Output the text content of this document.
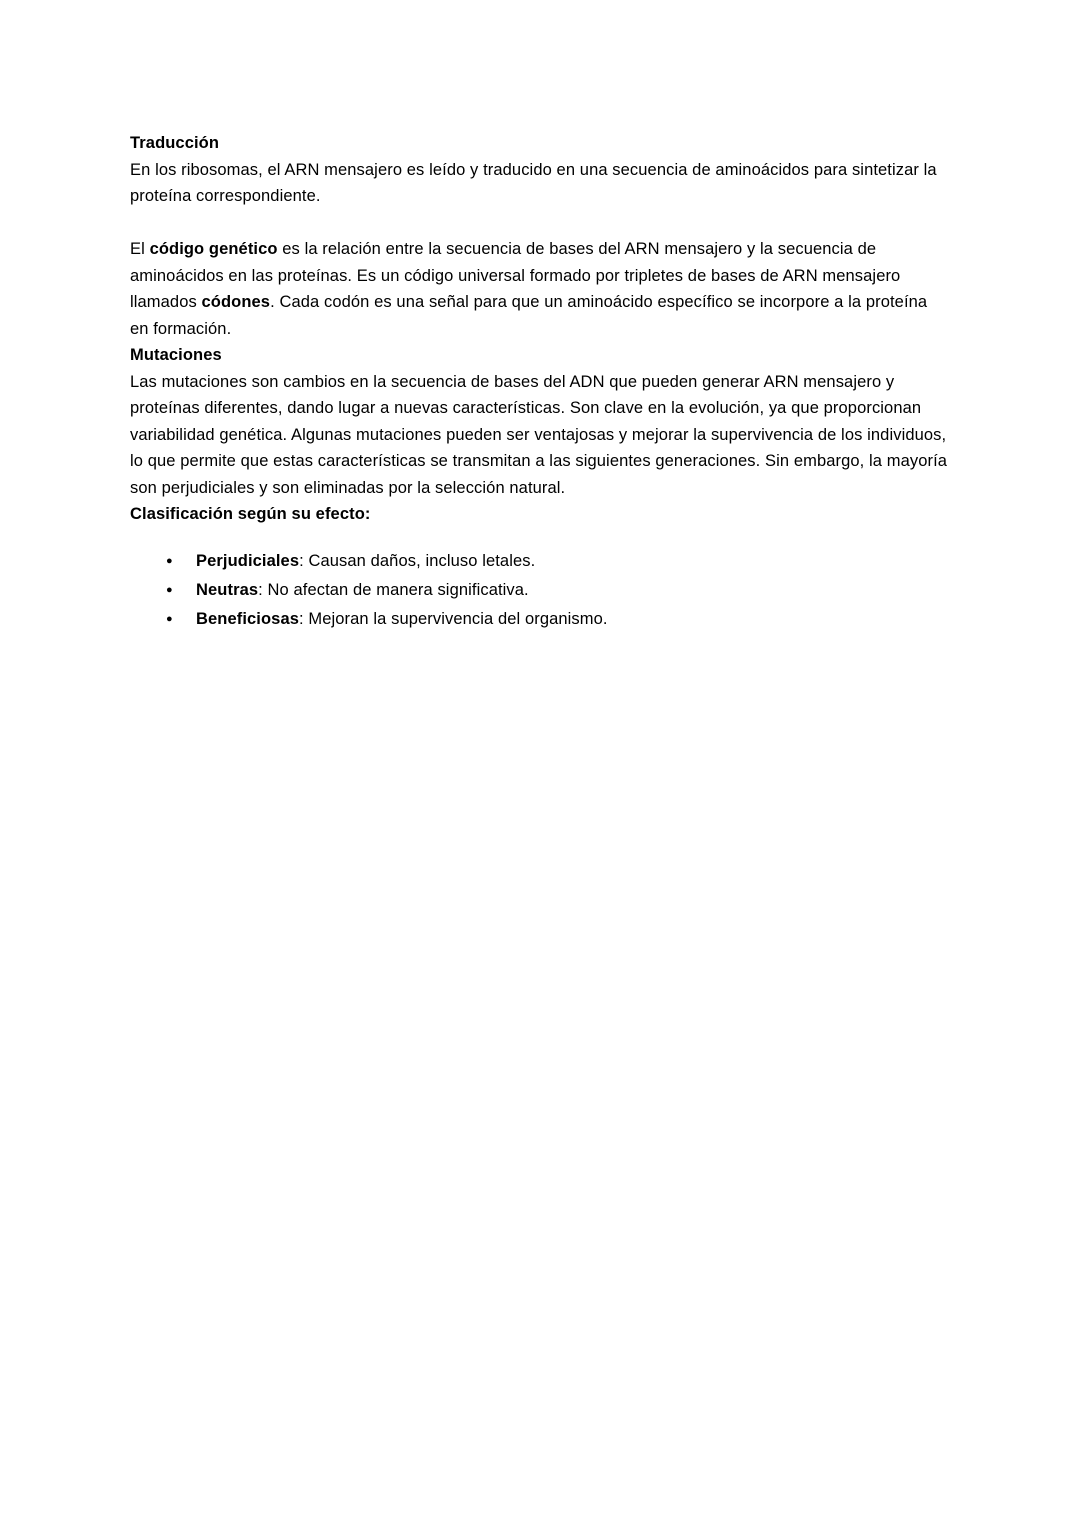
Traducción

En los ribosomas, el ARN mensajero es leído y traducido en una secuencia de aminoácidos para sintetizar la proteína correspondiente.

El código genético es la relación entre la secuencia de bases del ARN mensajero y la secuencia de aminoácidos en las proteínas. Es un código universal formado por tripletes de bases de ARN mensajero llamados códones. Cada codón es una señal para que un aminoácido específico se incorpore a la proteína en formación.

Mutaciones

Las mutaciones son cambios en la secuencia de bases del ADN que pueden generar ARN mensajero y proteínas diferentes, dando lugar a nuevas características. Son clave en la evolución, ya que proporcionan variabilidad genética. Algunas mutaciones pueden ser ventajosas y mejorar la supervivencia de los individuos, lo que permite que estas características se transmitan a las siguientes generaciones. Sin embargo, la mayoría son perjudiciales y son eliminadas por la selección natural.

Clasificación según su efecto:
●	Perjudiciales: Causan daños, incluso letales.
●	Neutras: No afectan de manera significativa.
●	Beneficiosas: Mejoran la supervivencia del organismo.
